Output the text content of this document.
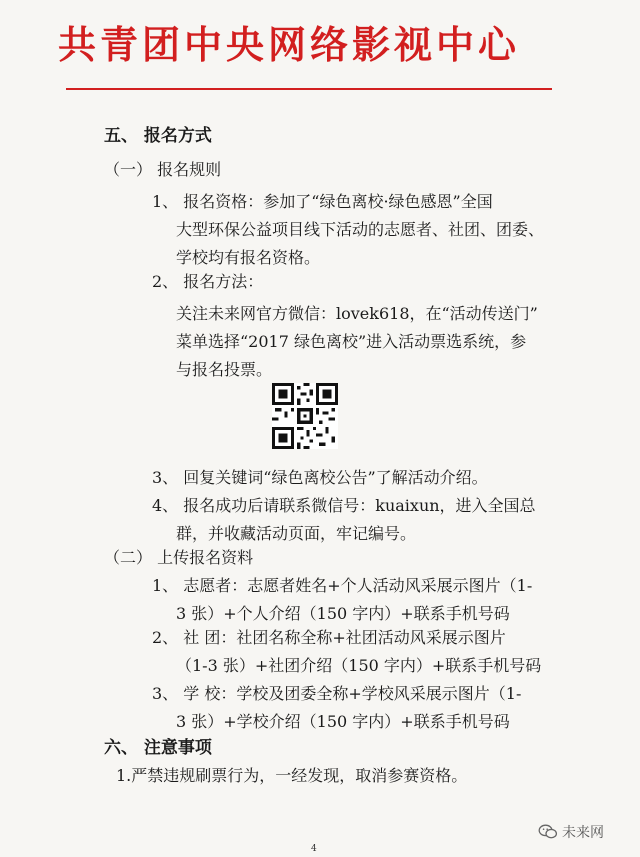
共青团中央网络影视中心
五、 报名方式
（一） 报名规则
1、 报名资格：参加了“绿色离校·绿色感恩”全国
大型环保公益项目线下活动的志愿者、社团、团委、
学校均有报名资格。
2、 报名方法：
关注未来网官方微信：lovek618，在“活动传送门”
菜单选择“2017 绿色离校”进入活动票选系统，参
与报名投票。
3、 回复关键词“绿色离校公告”了解活动介绍。
4、 报名成功后请联系微信号：kuaixun，进入全国总
群，并收藏活动页面，牢记编号。
（二） 上传报名资料
1、 志愿者：志愿者姓名+个人活动风采展示图片（1-
3 张）+个人介绍（150 字内）+联系手机号码
2、 社 团：社团名称全称+社团活动风采展示图片
（1-3 张）+社团介绍（150 字内）+联系手机号码
3、 学 校：学校及团委全称+学校风采展示图片（1-
3 张）+学校介绍（150 字内）+联系手机号码
六、 注意事项
1.严禁违规刷票行为，一经发现，取消参赛资格。
未来网
4
